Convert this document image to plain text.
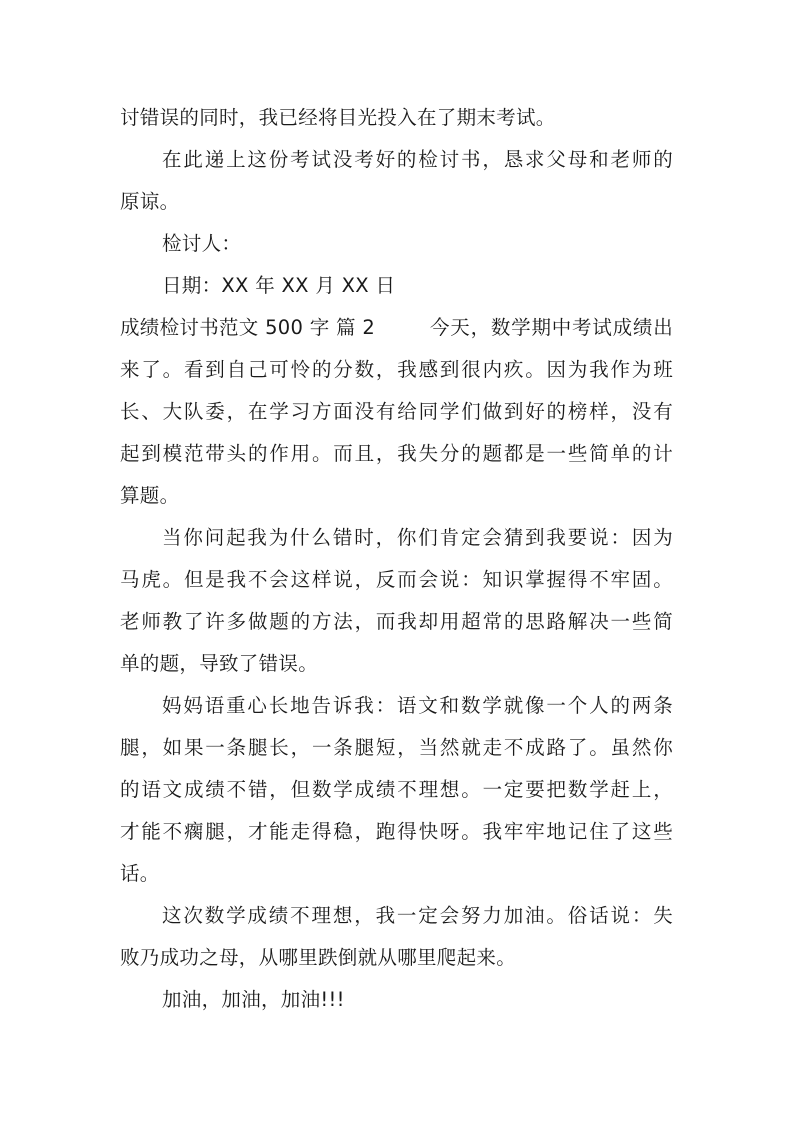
讨错误的同时，我已经将目光投入在了期末考试。
在此递上这份考试没考好的检讨书，恳求父母和老师的
原谅。
检讨人：
日期：XX 年 XX 月 XX 日
成绩检讨书范文 500 字 篇 2	今天，数学期中考试成绩出
来了。看到自己可怜的分数，我感到很内疚。因为我作为班
长、大队委，在学习方面没有给同学们做到好的榜样，没有
起到模范带头的作用。而且，我失分的题都是一些简单的计
算题。
当你问起我为什么错时，你们肯定会猜到我要说：因为
马虎。但是我不会这样说，反而会说：知识掌握得不牢固。
老师教了许多做题的方法，而我却用超常的思路解决一些简
单的题，导致了错误。
妈妈语重心长地告诉我：语文和数学就像一个人的两条
腿，如果一条腿长，一条腿短，当然就走不成路了。虽然你
的语文成绩不错，但数学成绩不理想。一定要把数学赶上，
才能不瘸腿，才能走得稳，跑得快呀。我牢牢地记住了这些
话。
这次数学成绩不理想，我一定会努力加油。俗话说：失
败乃成功之母，从哪里跌倒就从哪里爬起来。
加油，加油，加油!!!
